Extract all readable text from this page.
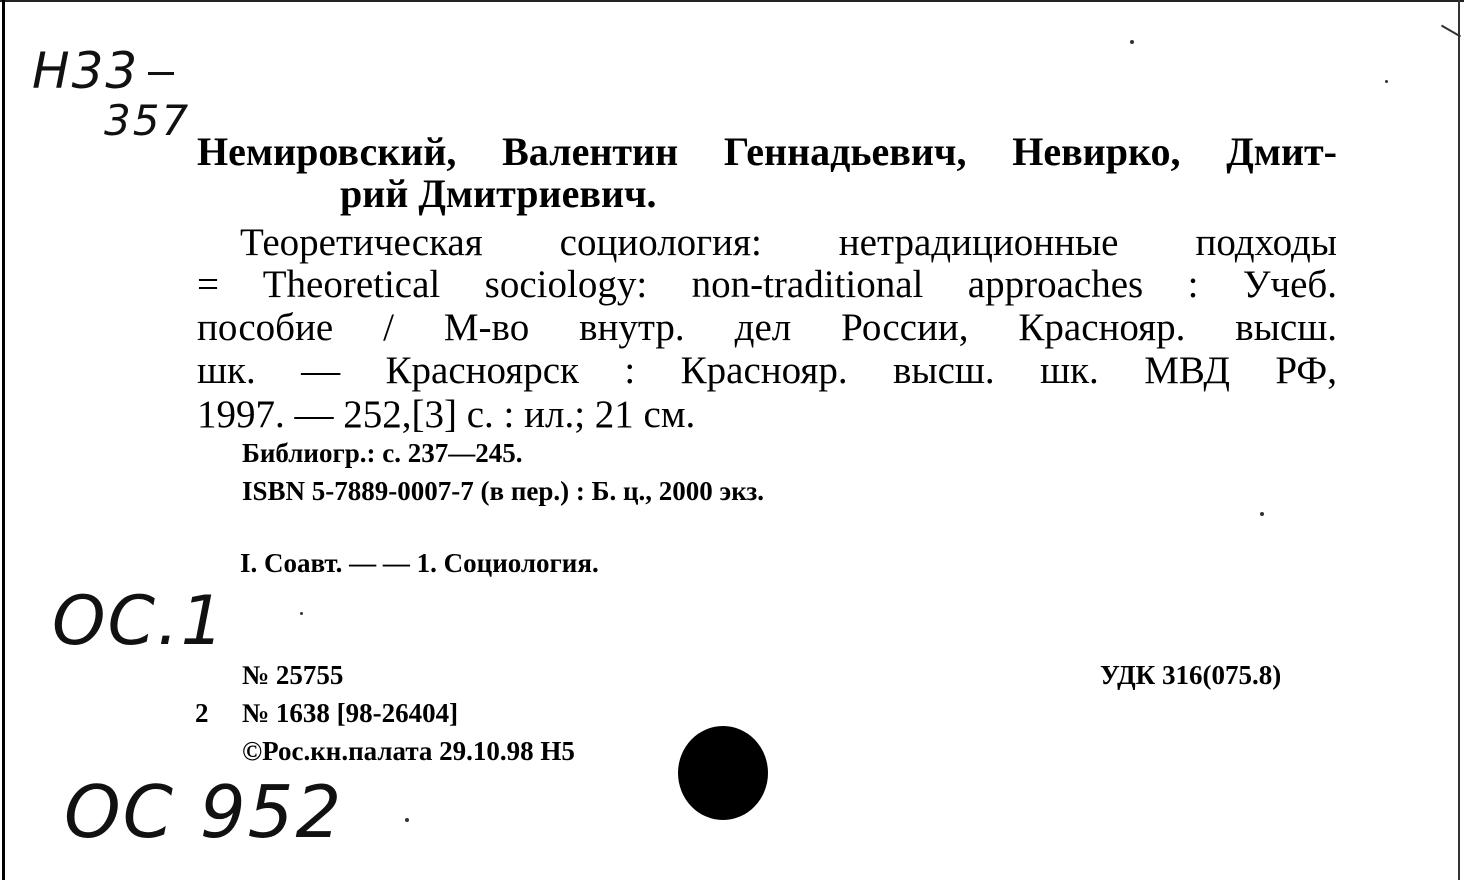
Н33
357
Немировский, Валентин Геннадьевич, Невирко, Дмит-
рий Дмитриевич.
Теоретическая социология: нетрадиционные подходы
= Theoretical sociology: non-traditional approaches : Учеб.
пособие / М-во внутр. дел России, Краснояр. высш.
шк. — Красноярск : Краснояр. высш. шк. МВД РФ,
1997. — 252,[3] с. : ил.; 21 см.
Библиогр.: с. 237—245.
ISBN 5-7889-0007-7 (в пер.) : Б. ц., 2000 экз.
I. Соавт. — — 1. Социология.
ОС.1
№ 25755	УДК 316(075.8)
2	№ 1638 [98-26404]
©Рос.кн.палата 29.10.98 Н5
ОС 952
